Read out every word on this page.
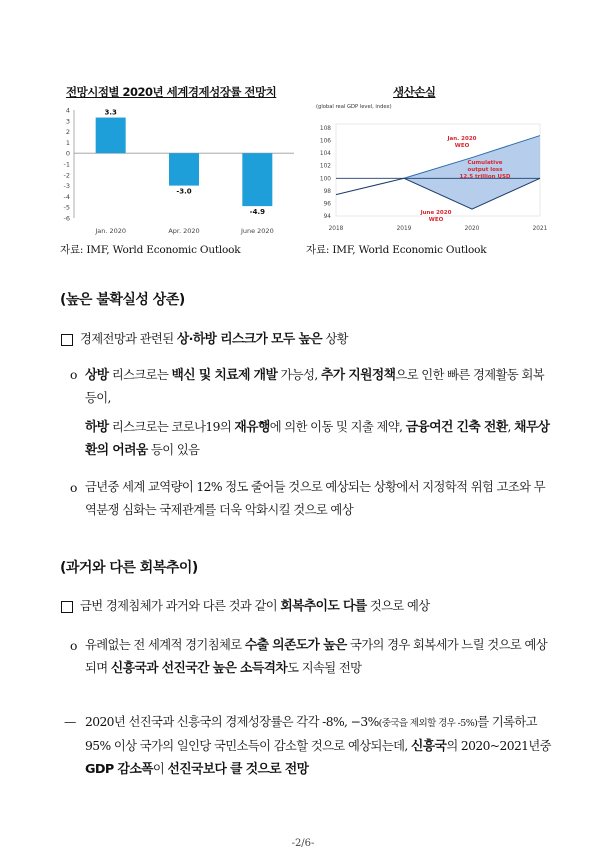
전망시점별 2020년 세계경제성장률 전망치	생산손실
4
3
2
1
0
-1
-2
-3
-4
-5
-6
3.3
Jan. 2020
-3.0
Apr. 2020
-4.9
June 2020
(global real GDP level, index)
108
106
104
102
100
98
96
94
2018	2019	2020	2021
Jan. 2020
WEO
June 2020
WEO
Cumulative
output loss
12.5 trillion USD
자료: IMF, World Economic Outlook	자료: IMF, World Economic Outlook
(높은 불확실성 상존)
경제전망과 관련된 상·하방 리스크가 모두 높은 상황
o 상방 리스크로는 백신 및 치료제 개발 가능성, 추가 지원정책으로 인한 빠른 경제활동 회복 등이,
하방 리스크로는 코로나19의 재유행에 의한 이동 및 지출 제약, 금융여건 긴축 전환, 채무상환의 어려움 등이 있음
o 금년중 세계 교역량이 12% 정도 줄어들 것으로 예상되는 상황에서 지정학적 위험 고조와 무역분쟁 심화는 국제관계를 더욱 악화시킬 것으로 예상
(과거와 다른 회복추이)
금번 경제침체가 과거와 다른 것과 같이 회복추이도 다를 것으로 예상
o 유례없는 전 세계적 경기침체로 수출 의존도가 높은 국가의 경우 회복세가 느릴 것으로 예상되며 신흥국과 선진국간 높은 소득격차도 지속될 전망
— 2020년 선진국과 신흥국의 경제성장률은 각각 -8%, −3%(중국을 제외할 경우 -5%)를 기록하고 95% 이상 국가의 일인당 국민소득이 감소할 것으로 예상되는데, 신흥국의 2020~2021년중 GDP 감소폭이 선진국보다 클 것으로 전망
-2/6-
